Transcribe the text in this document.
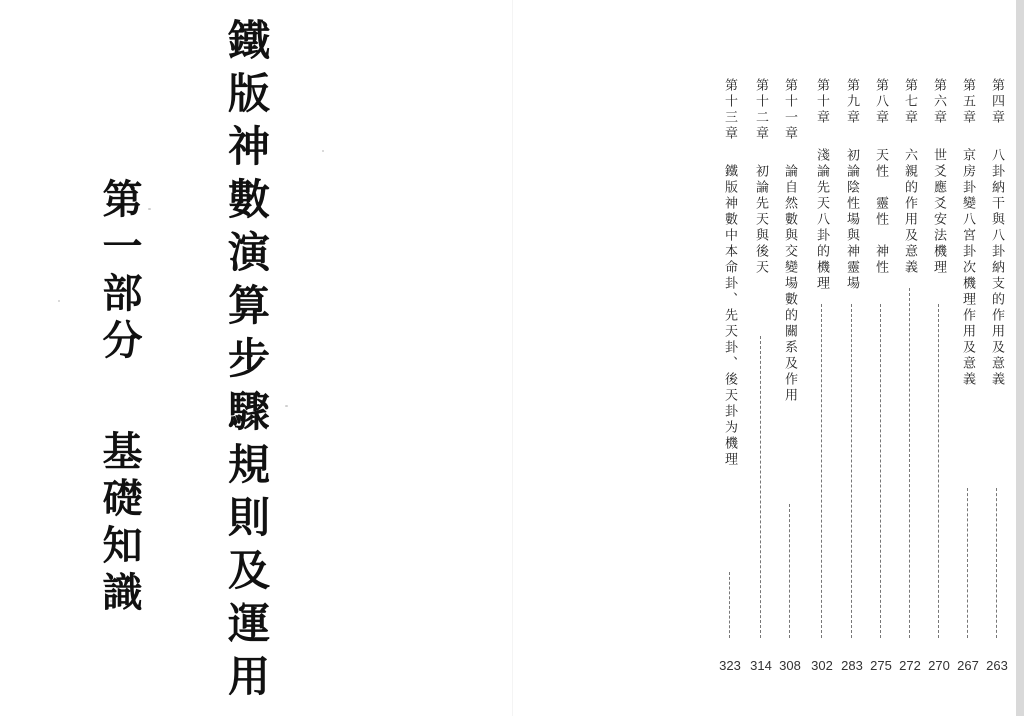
鐵版神數演算步驟規則及運用
第一部分
基礎知識
第四章
八卦納干與八卦納支的作用及意義
263
第五章
京房卦變八宮卦次機理作用及意義
267
第六章
世爻應爻安法機理
270
第七章
六親的作用及意義
272
第八章
天性　靈性　神性
275
第九章
初論陰性場與神靈場
283
第十章
淺論先天八卦的機理
302
第十一章
論自然數與交變場數的關系及作用
308
第十二章
初論先天與後天
314
第十三章
鐵版神數中本命卦、先天卦、後天卦为機理
323
